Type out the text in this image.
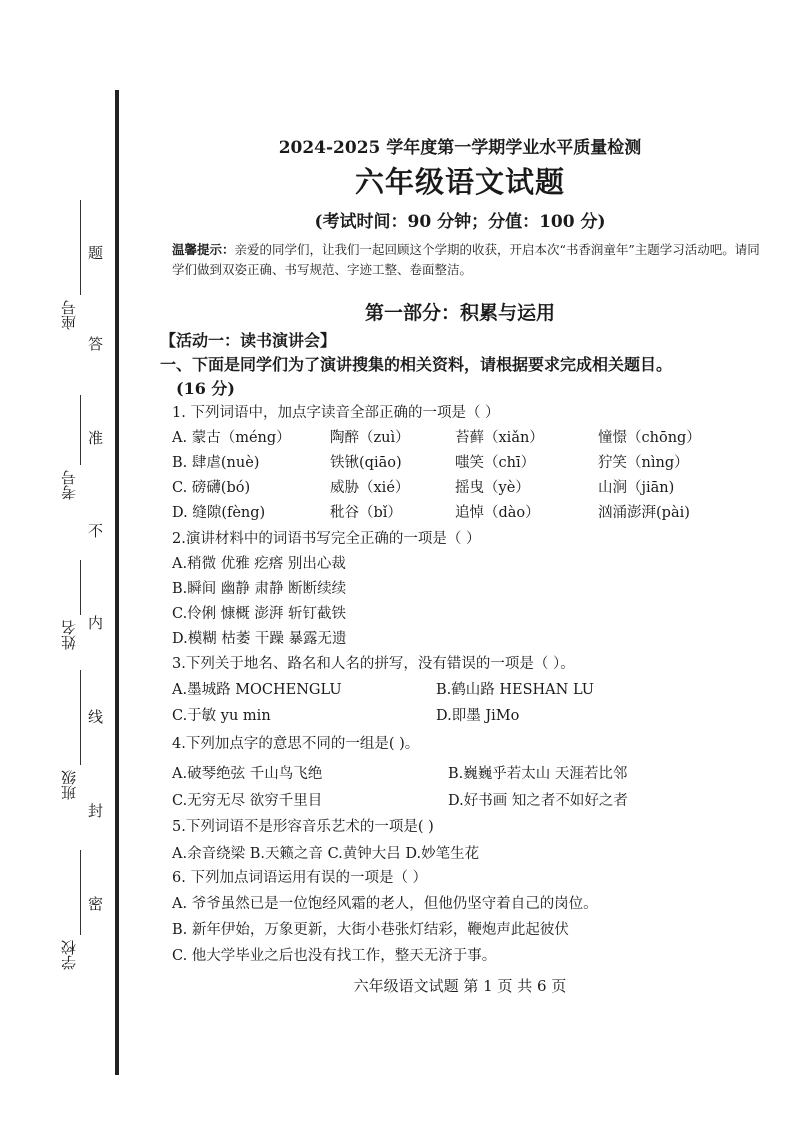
座号
考号
姓名
班级
学校
题
答
准
不
内
线
封
密
2024-2025 学年度第一学期学业水平质量检测
六年级语文试题
(考试时间：90 分钟；分值：100 分)
温馨提示：亲爱的同学们，让我们一起回顾这个学期的收获，开启本次“书香润童年”主题学习活动吧。请同学们做到双姿正确、书写规范、字迹工整、卷面整洁。
第一部分：积累与运用
【活动一：读书演讲会】
一、下面是同学们为了演讲搜集的相关资料，请根据要求完成相关题目。
(16 分)
1. 下列词语中，加点字读音全部正确的一项是（ ）
A. 蒙古（méng）	陶醉（zuì）	苔藓（xiǎn）	憧憬（chōng）
B. 肆虐(nuè)	铁锹(qiāo)	嗤笑（chī）	狞笑（nìng）
C. 磅礴(bó)	威胁（xié）	摇曳（yè）	山涧（jiān)
D. 缝隙(fèng)	秕谷（bǐ）	追悼（dào）	汹涌澎湃(pài)
2.演讲材料中的词语书写完全正确的一项是（ ）
A.稍微 优雅 疙瘩 别出心裁
B.瞬间 幽静 肃静 断断续续
C.伶俐 慷概 澎湃 斩钉截铁
D.模糊 枯萎 干躁 暴露无遗
3.下列关于地名、路名和人名的拼写，没有错误的一项是（ ）。
A.墨城路 MOCHENGLU	B.鹤山路 HESHAN LU
C.于敏 yu min	D.即墨 JiMo
4.下列加点字的意思不同的一组是( )。
A.破琴绝弦 千山鸟飞绝	B.巍巍乎若太山 天涯若比邻
C.无穷无尽 欲穷千里目	D.好书画 知之者不如好之者
5.下列词语不是形容音乐艺术的一项是( )
A.余音绕梁 B.天籁之音 C.黄钟大吕 D.妙笔生花
6. 下列加点词语运用有误的一项是（ ）
A. 爷爷虽然已是一位饱经风霜的老人，但他仍坚守着自己的岗位。
B. 新年伊始，万象更新，大街小巷张灯结彩，鞭炮声此起彼伏
C. 他大学毕业之后也没有找工作，整天无济于事。
六年级语文试题 第 1 页 共 6 页
